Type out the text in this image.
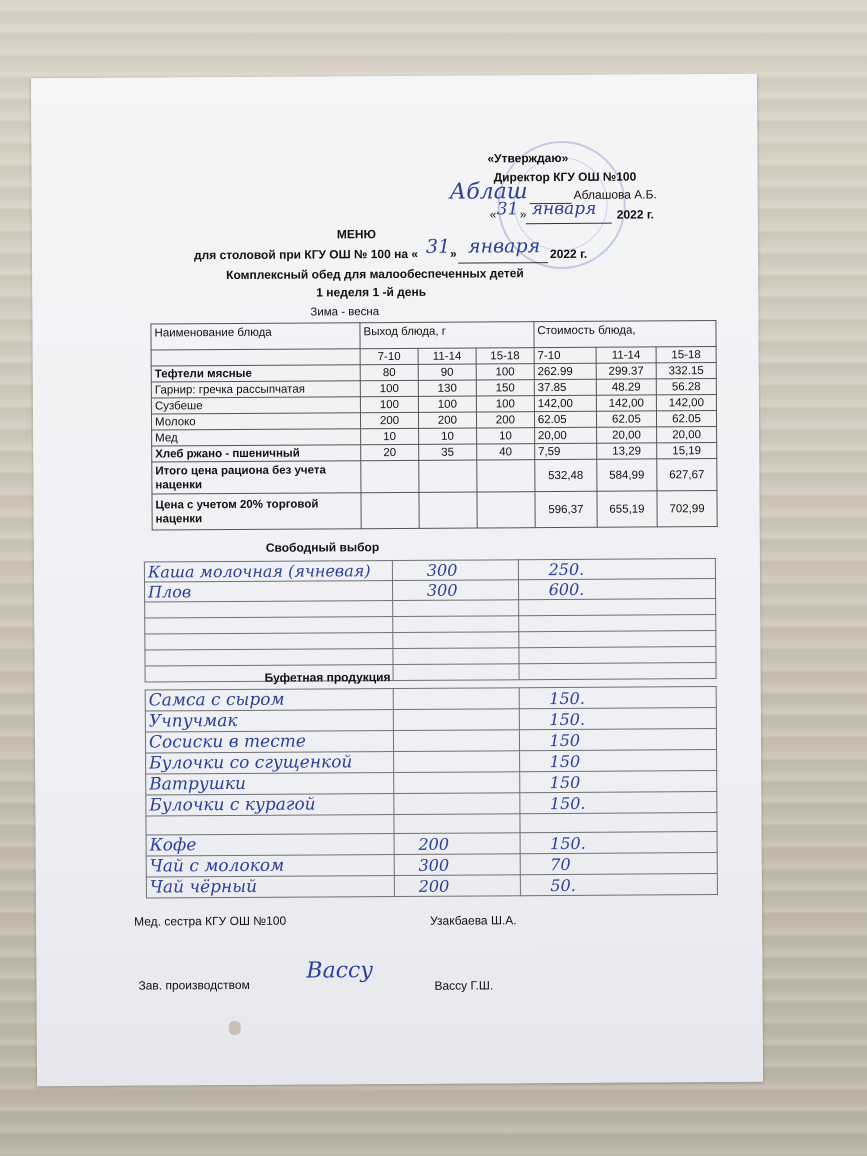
«Утверждаю»
Директор КГУ ОШ №100
Аблаш	Аблашова А.Б.
« 31 » января 2022 г.
МЕНЮ
для столовой при КГУ ОШ № 100 на « 31 » января 2022 г.
Комплексный обед для малообеспеченных детей
1 неделя 1 -й день
Зима - весна
Наименование блюда	Выход блюда, г			Стоимость блюда,		
	7-10	11-14	15-18	7-10	11-14	15-18
Тефтели мясные	80	90	100	262.99	299.37	332.15
Гарнир: гречка рассыпчатая	100	130	150	37.85	48.29	56.28
Сузбеше	100	100	100	142,00	142,00	142,00
Молоко	200	200	200	62.05	62.05	62.05
Мед	10	10	10	20,00	20,00	20,00
Хлеб ржано - пшеничный	20	35	40	7,59	13,29	15,19
Итого цена рациона без учета наценки				532,48	584,99	627,67
Цена с учетом 20% торговой наценки				596,37	655,19	702,99
Свободный выбор
Каша молочная (ячневая)	300	250.
Плов	300	600.

Буфетная продукция
Самса с сыром		150.
Учпучмак		150.
Сосиски в тесте		150
Булочки со сгущенкой		150
Ватрушки		150
Булочки с курагой		150.

Кофе	200	150.
Чай с молоком	300	70
Чай чёрный	200	50.
Мед. сестра КГУ ОШ №100	Узакбаева Ш.А.
Зав. производством
Вассу
Вассу Г.Ш.
